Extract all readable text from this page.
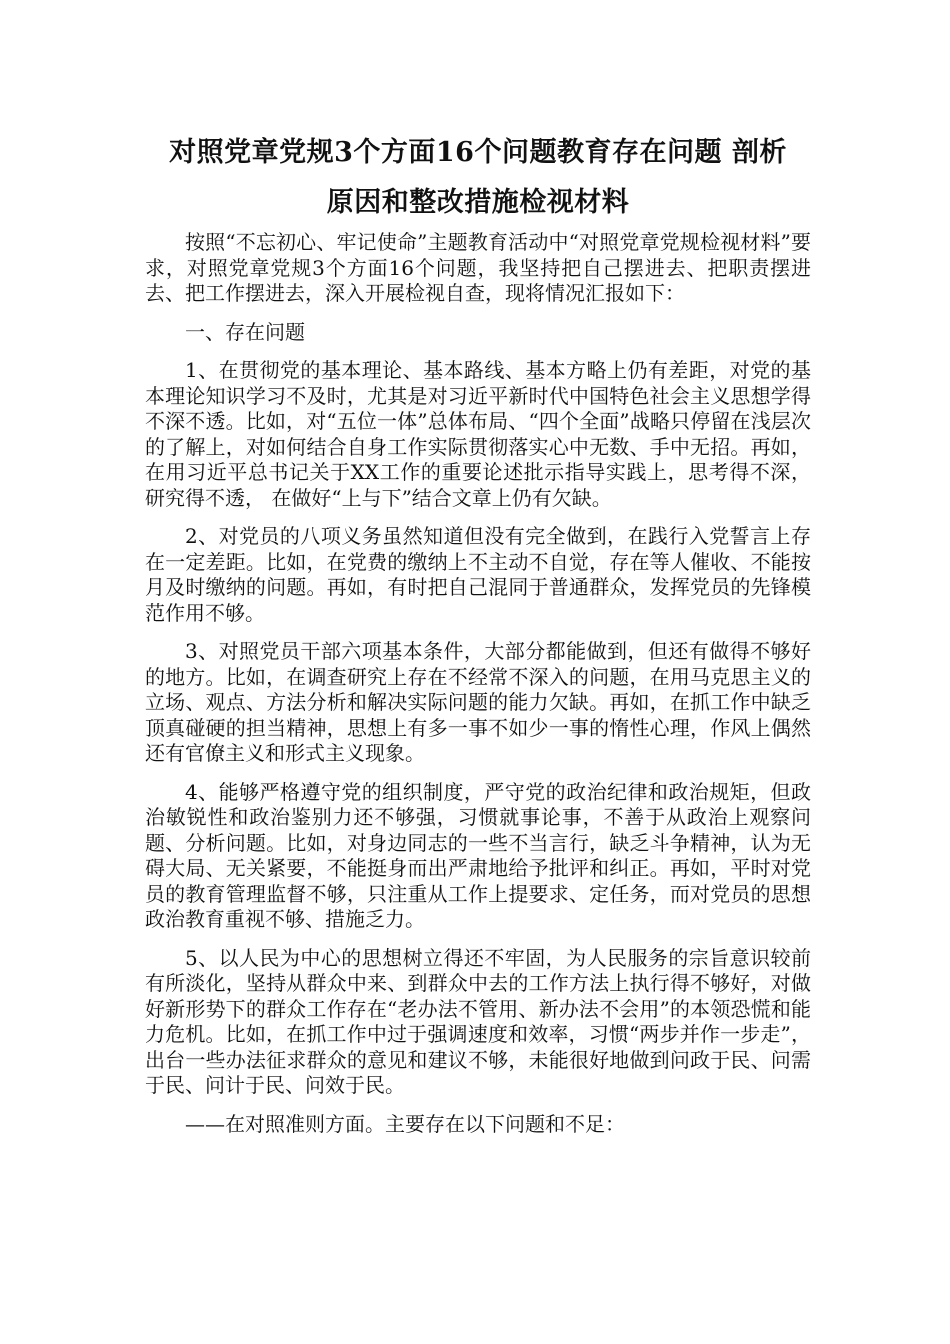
对照党章党规3个方面16个问题教育存在问题 剖析

原因和整改措施检视材料

按照“不忘初心、牢记使命”主题教育活动中“对照党章党规检视材料”要求，对照党章党规3个方面16个问题，我坚持把自己摆进去、把职责摆进去、把工作摆进去，深入开展检视自查，现将情况汇报如下：

一、存在问题

1、在贯彻党的基本理论、基本路线、基本方略上仍有差距，对党的基本理论知识学习不及时，尤其是对习近平新时代中国特色社会主义思想学得不深不透。比如，对“五位一体”总体布局、“四个全面”战略只停留在浅层次的了解上，对如何结合自身工作实际贯彻落实心中无数、手中无招。再如，在用习近平总书记关于XX工作的重要论述批示指导实践上，思考得不深，研究得不透， 在做好“上与下”结合文章上仍有欠缺。

2、对党员的八项义务虽然知道但没有完全做到，在践行入党誓言上存在一定差距。比如，在党费的缴纳上不主动不自觉，存在等人催收、不能按月及时缴纳的问题。再如，有时把自己混同于普通群众，发挥党员的先锋模范作用不够。

3、对照党员干部六项基本条件，大部分都能做到，但还有做得不够好的地方。比如，在调查研究上存在不经常不深入的问题，在用马克思主义的立场、观点、方法分析和解决实际问题的能力欠缺。再如，在抓工作中缺乏顶真碰硬的担当精神，思想上有多一事不如少一事的惰性心理，作风上偶然还有官僚主义和形式主义现象。

4、能够严格遵守党的组织制度，严守党的政治纪律和政治规矩，但政治敏锐性和政治鉴别力还不够强，习惯就事论事，不善于从政治上观察问题、分析问题。比如，对身边同志的一些不当言行，缺乏斗争精神，认为无碍大局、无关紧要，不能挺身而出严肃地给予批评和纠正。再如，平时对党员的教育管理监督不够，只注重从工作上提要求、定任务，而对党员的思想政治教育重视不够、措施乏力。

5、以人民为中心的思想树立得还不牢固，为人民服务的宗旨意识较前有所淡化，坚持从群众中来、到群众中去的工作方法上执行得不够好，对做好新形势下的群众工作存在“老办法不管用、新办法不会用”的本领恐慌和能力危机。比如，在抓工作中过于强调速度和效率，习惯“两步并作一步走”，出台一些办法征求群众的意见和建议不够，未能很好地做到问政于民、问需于民、问计于民、问效于民。

——在对照准则方面。主要存在以下问题和不足：
